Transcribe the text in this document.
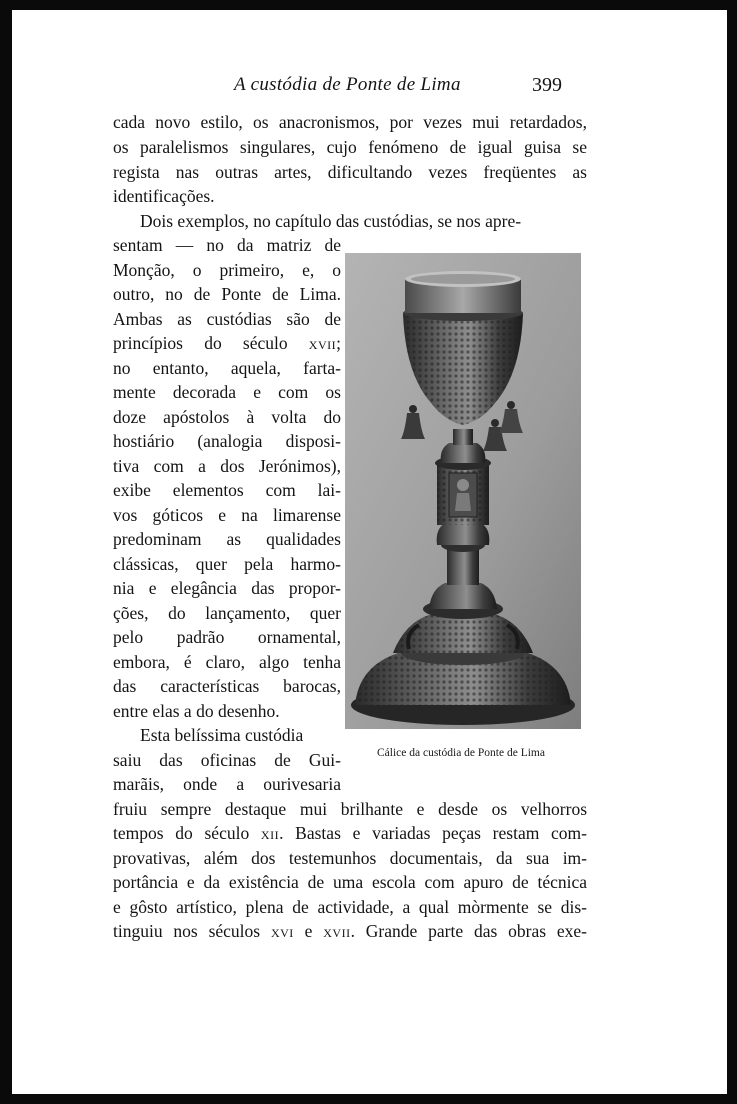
A custódia de Ponte de Lima	399

cada novo estilo, os anacronismos, por vezes mui retardados,

os paralelismos singulares, cujo fenómeno de igual guisa se

regista nas outras artes, dificultando vezes freqüentes as

identificações.

Dois exemplos, no capítulo das custódias, se nos apre-

sentam — no da matriz de

Monção, o primeiro, e, o

outro, no de Ponte de Lima.

Ambas as custódias são de

princípios do século xvii;

no entanto, aquela, farta-

mente decorada e com os

doze apóstolos à volta do

hostiário (analogia disposi-

tiva com a dos Jerónimos),

exibe elementos com lai-

vos góticos e na limarense

predominam as qualidades

clássicas, quer pela harmo-

nia e elegância das propor-

ções, do lançamento, quer

pelo padrão ornamental,

embora, é claro, algo tenha

das características barocas,

entre elas a do desenho.

Esta belíssima custódia

saiu das oficinas de Gui-

marãis, onde a ourivesaria

fruiu sempre destaque mui brilhante e desde os velhorros

tempos do século xii. Bastas e variadas peças restam com-

provativas, além dos testemunhos documentais, da sua im-

portância e da existência de uma escola com apuro de técnica

e gôsto artístico, plena de actividade, a qual mòrmente se dis-

tinguiu nos séculos xvi e xvii. Grande parte das obras exe-

Cálice da custódia de Ponte de Lima
